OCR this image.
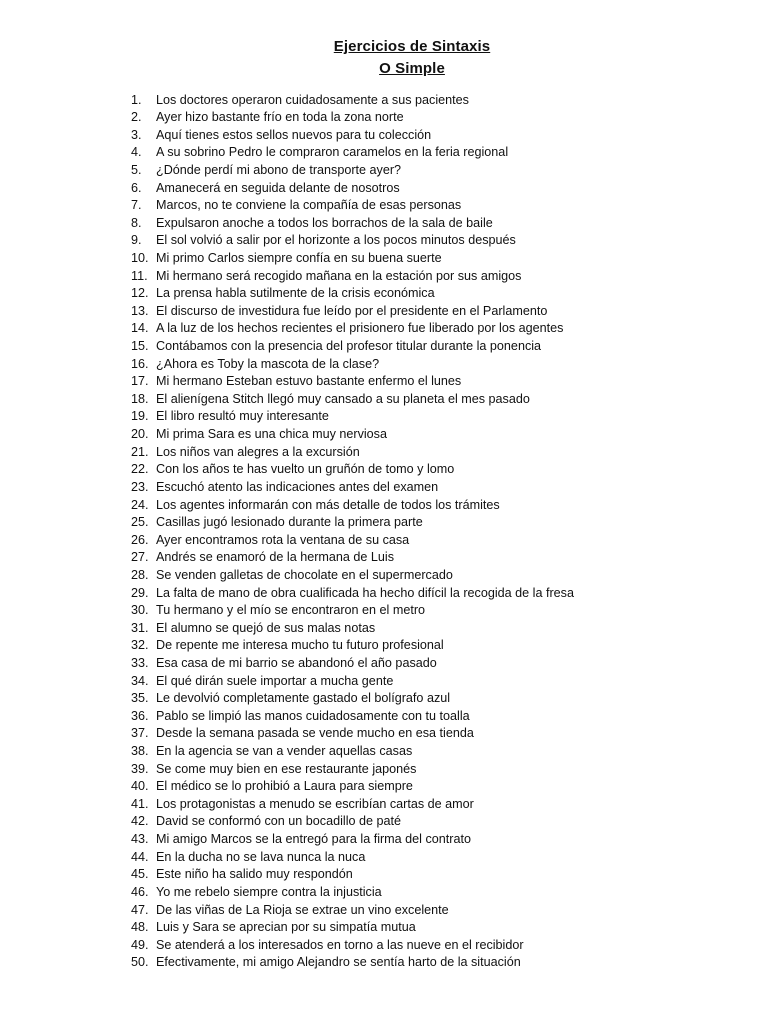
Ejercicios de Sintaxis
O Simple
1.	Los doctores operaron cuidadosamente a sus pacientes
2.	Ayer hizo bastante frío en toda la zona norte
3.	Aquí tienes estos sellos nuevos para tu colección
4.	A su sobrino Pedro le compraron caramelos en la feria regional
5.	¿Dónde perdí mi abono de transporte ayer?
6.	Amanecerá en seguida delante de nosotros
7.	Marcos, no te conviene la compañía de esas personas
8.	Expulsaron anoche a todos los borrachos de la sala de baile
9.	El sol volvió a salir por el horizonte a los pocos minutos después
10. Mi primo Carlos siempre confía en su buena suerte
11. Mi hermano será recogido mañana en la estación por sus amigos
12. La prensa habla sutilmente de la crisis económica
13. El discurso de investidura fue leído por el presidente en el Parlamento
14. A la luz de los hechos recientes el prisionero fue liberado por los agentes
15. Contábamos con la presencia del profesor titular durante la ponencia
16. ¿Ahora es Toby la mascota de la clase?
17. Mi hermano Esteban estuvo bastante enfermo el lunes
18. El alienígena Stitch llegó muy cansado a su planeta el mes pasado
19. El libro resultó muy interesante
20. Mi prima Sara es una chica muy nerviosa
21. Los niños van alegres a la excursión
22. Con los años te has vuelto un gruñón de tomo y lomo
23. Escuchó atento las indicaciones antes del examen
24. Los agentes informarán con más detalle de todos los trámites
25. Casillas jugó lesionado durante la primera parte
26. Ayer encontramos rota la ventana de su casa
27. Andrés se enamoró de la hermana de Luis
28. Se venden galletas de chocolate en el supermercado
29. La falta de mano de obra cualificada ha hecho difícil la recogida de la fresa
30. Tu hermano y el mío se encontraron en el metro
31. El alumno se quejó de sus malas notas
32. De repente me interesa mucho tu futuro profesional
33. Esa casa de mi barrio se abandonó el año pasado
34. El qué dirán suele importar a mucha gente
35. Le devolvió completamente gastado el bolígrafo azul
36. Pablo se limpió las manos cuidadosamente con tu toalla
37. Desde la semana pasada se vende mucho en esa tienda
38. En la agencia se van a vender aquellas casas
39. Se come muy bien en ese restaurante japonés
40. El médico se lo prohibió a Laura para siempre
41. Los protagonistas a menudo se escribían cartas de amor
42. David se conformó con un bocadillo de paté
43. Mi amigo Marcos se la entregó para la firma del contrato
44. En la ducha no se lava nunca la nuca
45. Este niño ha salido muy respondón
46. Yo me rebelo siempre contra la injusticia
47. De las viñas de La Rioja se extrae un vino excelente
48. Luis y Sara se aprecian por su simpatía mutua
49. Se atenderá a los interesados en torno a las nueve en el recibidor
50. Efectivamente, mi amigo Alejandro se sentía harto de la situación
